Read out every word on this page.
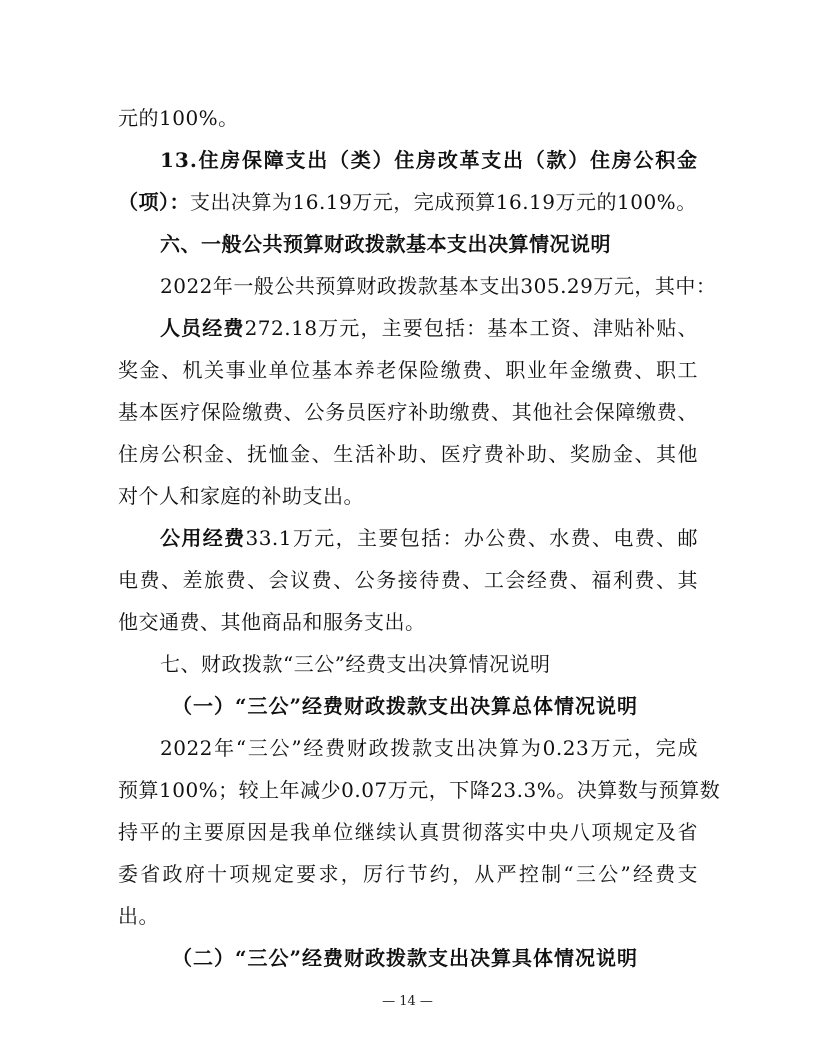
元的100%。
13.住房保障支出（类）住房改革支出（款）住房公积金
（项）：支出决算为16.19万元，完成预算16.19万元的100%。
六、一般公共预算财政拨款基本支出决算情况说明
2022年一般公共预算财政拨款基本支出305.29万元，其中：
人员经费272.18万元，主要包括：基本工资、津贴补贴、
奖金、机关事业单位基本养老保险缴费、职业年金缴费、职工
基本医疗保险缴费、公务员医疗补助缴费、其他社会保障缴费、
住房公积金、抚恤金、生活补助、医疗费补助、奖励金、其他
对个人和家庭的补助支出。
公用经费33.1万元，主要包括：办公费、水费、电费、邮
电费、差旅费、会议费、公务接待费、工会经费、福利费、其
他交通费、其他商品和服务支出。
七、财政拨款“三公”经费支出决算情况说明
（一）“三公”经费财政拨款支出决算总体情况说明
2022年“三公”经费财政拨款支出决算为0.23万元，完成
预算100%；较上年减少0.07万元，下降23.3%。决算数与预算数
持平的主要原因是我单位继续认真贯彻落实中央八项规定及省
委省政府十项规定要求，厉行节约，从严控制“三公”经费支
出。
（二）“三公”经费财政拨款支出决算具体情况说明
— 14 —
